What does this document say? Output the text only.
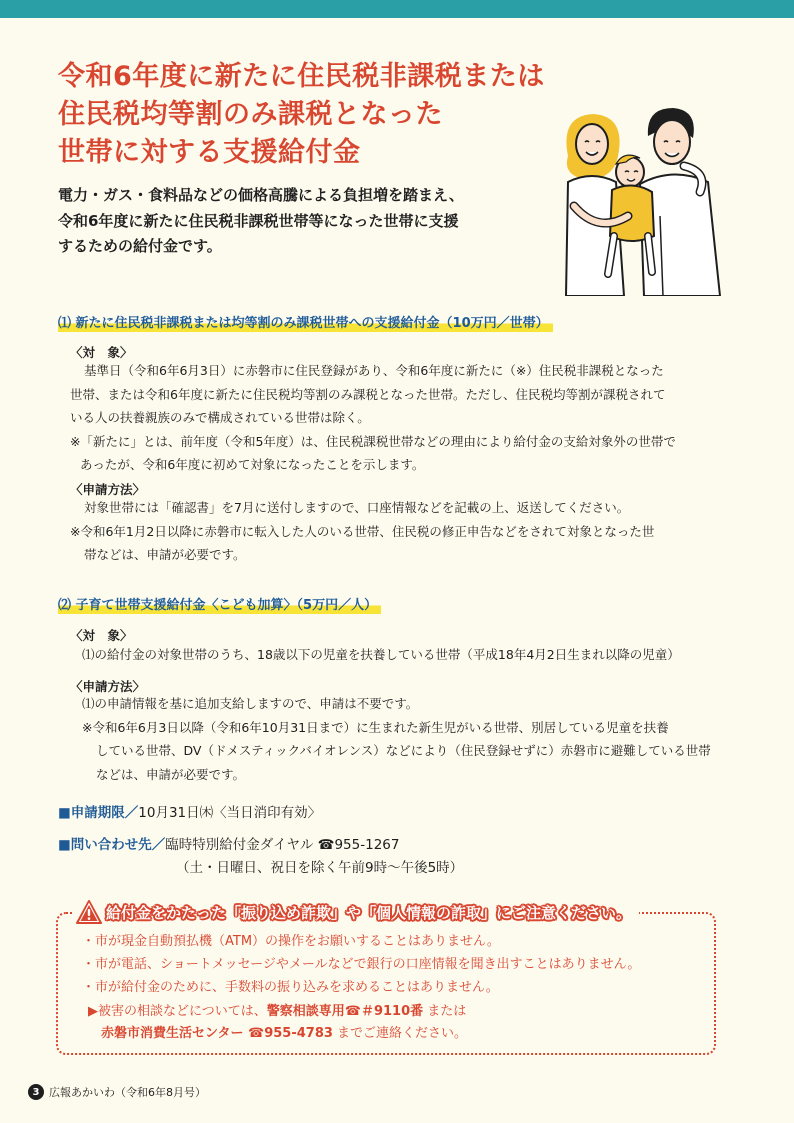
令和6年度に新たに住民税非課税または
住民税均等割のみ課税となった
世帯に対する支援給付金
電力・ガス・食料品などの価格高騰による負担増を踏まえ、
令和6年度に新たに住民税非課税世帯等になった世帯に支援
するための給付金です。
⑴ 新たに住民税非課税または均等割のみ課税世帯への支援給付金（10万円／世帯）
〈対　象〉
基準日（令和6年6月3日）に赤磐市に住民登録があり、令和6年度に新たに（※）住民税非課税となった
世帯、または令和6年度に新たに住民税均等割のみ課税となった世帯。ただし、住民税均等割が課税されて
いる人の扶養親族のみで構成されている世帯は除く。
※「新たに」とは、前年度（令和5年度）は、住民税課税世帯などの理由により給付金の支給対象外の世帯で
あったが、令和6年度に初めて対象になったことを示します。
〈申請方法〉
対象世帯には「確認書」を7月に送付しますので、口座情報などを記載の上、返送してください。
※令和6年1月2日以降に赤磐市に転入した人のいる世帯、住民税の修正申告などをされて対象となった世
帯などは、申請が必要です。
⑵ 子育て世帯支援給付金〈こども加算〉（5万円／人）
〈対　象〉
⑴の給付金の対象世帯のうち、18歳以下の児童を扶養している世帯（平成18年4月2日生まれ以降の児童）
〈申請方法〉
⑴の申請情報を基に追加支給しますので、申請は不要です。
※令和6年6月3日以降（令和6年10月31日まで）に生まれた新生児がいる世帯、別居している児童を扶養
している世帯、DV（ドメスティックバイオレンス）などにより（住民登録せずに）赤磐市に避難している世帯
などは、申請が必要です。
■申請期限／10月31日㈭〈当日消印有効〉
■問い合わせ先／臨時特別給付金ダイヤル ☎955-1267
（土・日曜日、祝日を除く午前9時～午後5時）
給付金をかたった「振り込め詐欺」や「個人情報の詐取」にご注意ください。
・ 市が現金自動預払機（ATM）の操作をお願いすることはありません。
・ 市が電話、ショートメッセージやメールなどで銀行の口座情報を聞き出すことはありません。
・ 市が給付金のために、手数料の振り込みを求めることはありません。
▶被害の相談などについては、警察相談専用☎＃9110番 または
赤磐市消費生活センター ☎955-4783 までご連絡ください。
3 広報あかいわ（令和6年8月号）
